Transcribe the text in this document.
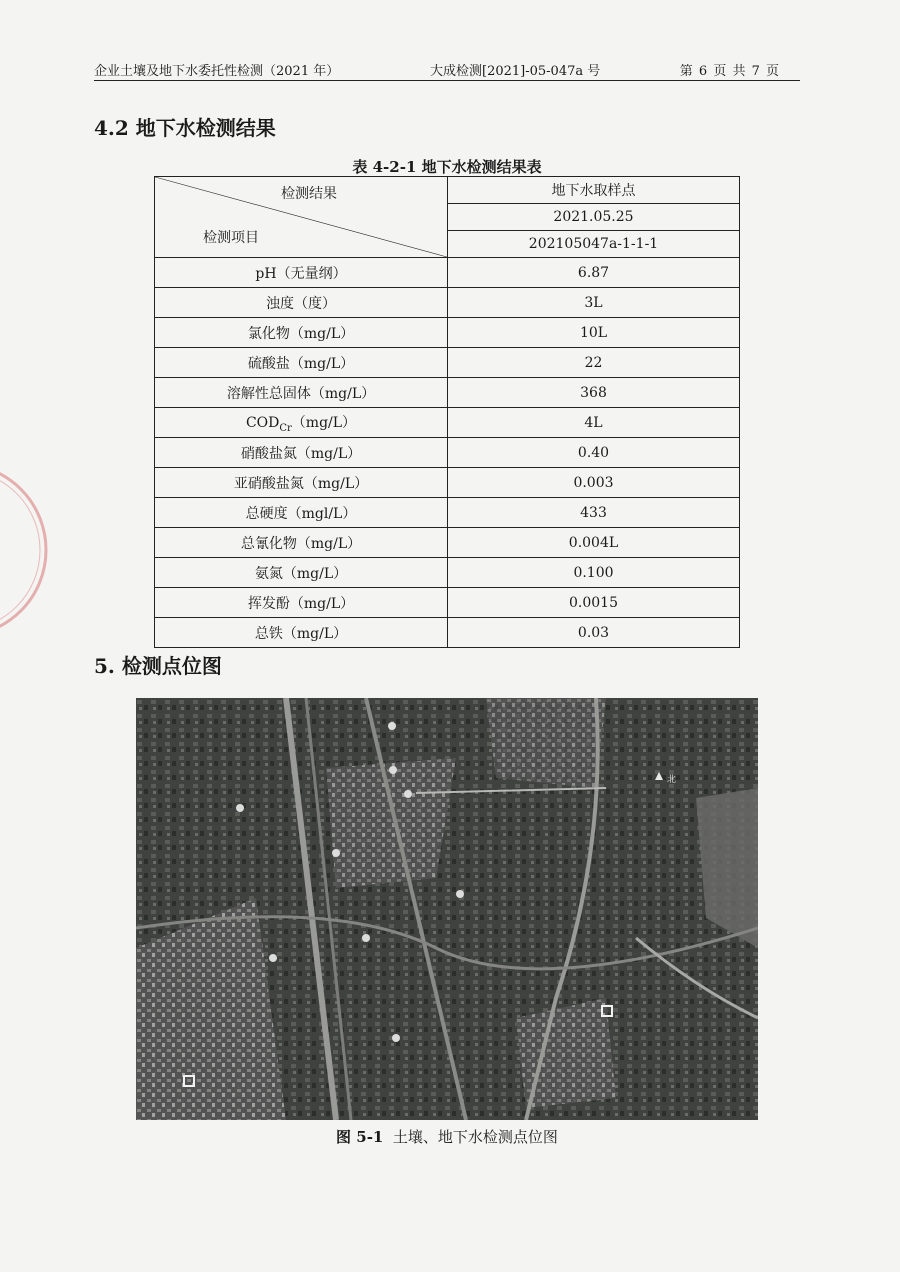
企业土壤及地下水委托性检测（2021 年）	大成检测[2021]-05-047a 号	第 6 页 共 7 页
4.2 地下水检测结果
表 4-2-1 地下水检测结果表
检测结果
检测项目	地下水取样点
	2021.05.25
	202105047a-1-1-1
pH（无量纲）	6.87
浊度（度）	3L
氯化物（mg/L）	10L
硫酸盐（mg/L）	22
溶解性总固体（mg/L）	368
$COD_{Cr}(mg/L)$	4L
硝酸盐氮（mg/L）	0.40
亚硝酸盐氮（mg/L）	0.003
总硬度（mgl/L）	433
总氰化物（mg/L）	0.004L
氨氮（mg/L）	0.100
挥发酚（mg/L）	0.0015
总铁（mg/L）	0.03
5. 检测点位图
北
图 5-1 土壤、地下水检测点位图
